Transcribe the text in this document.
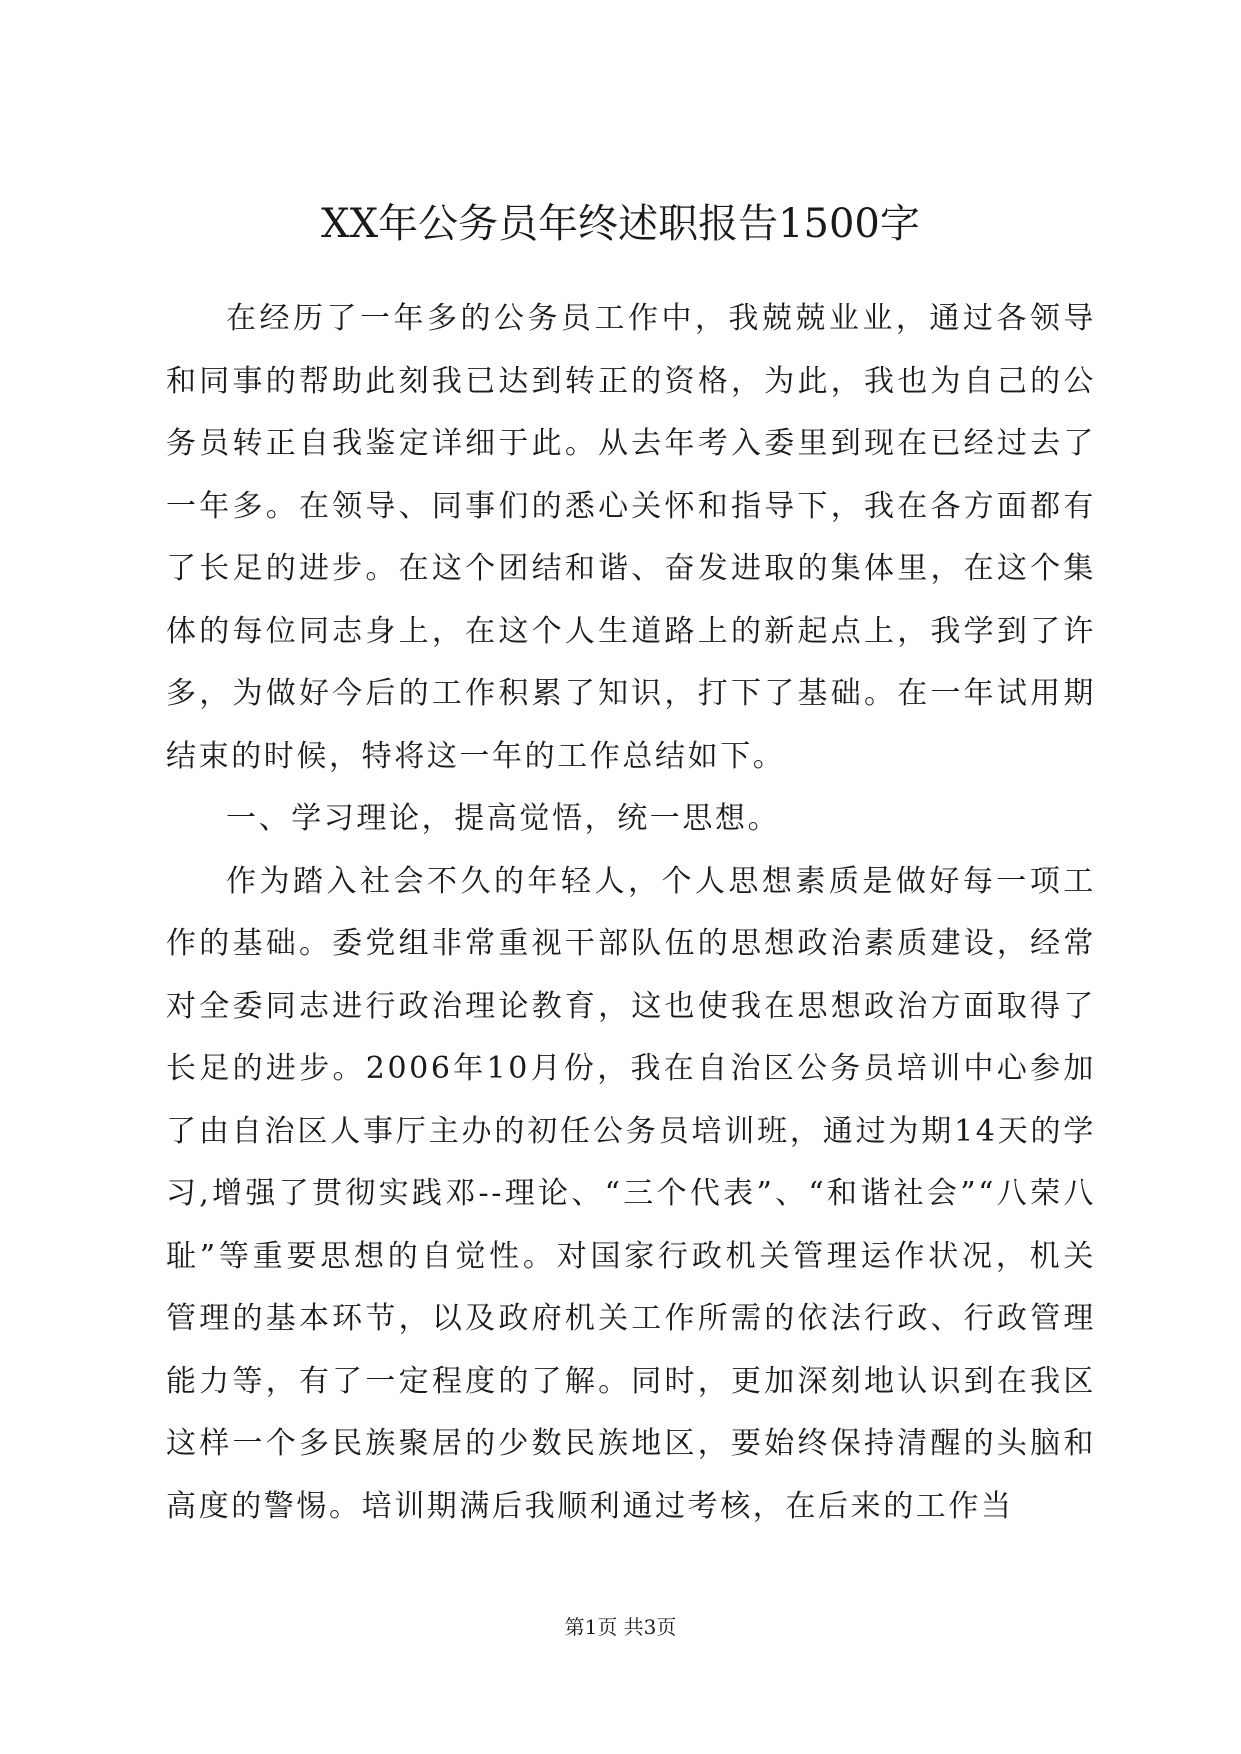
XX年公务员年终述职报告1500字

在经历了一年多的公务员工作中，我兢兢业业，通过各领导和同事的帮助此刻我已达到转正的资格，为此，我也为自己的公务员转正自我鉴定详细于此。从去年考入委里到现在已经过去了一年多。在领导、同事们的悉心关怀和指导下，我在各方面都有了长足的进步。在这个团结和谐、奋发进取的集体里，在这个集体的每位同志身上，在这个人生道路上的新起点上，我学到了许多，为做好今后的工作积累了知识，打下了基础。在一年试用期结束的时候，特将这一年的工作总结如下。

一、学习理论，提高觉悟，统一思想。

作为踏入社会不久的年轻人，个人思想素质是做好每一项工作的基础。委党组非常重视干部队伍的思想政治素质建设，经常对全委同志进行政治理论教育，这也使我在思想政治方面取得了长足的进步。2006年10月份，我在自治区公务员培训中心参加了由自治区人事厅主办的初任公务员培训班，通过为期14天的学习,增强了贯彻实践邓--理论、“三个代表”、“和谐社会”“八荣八耻”等重要思想的自觉性。对国家行政机关管理运作状况，机关管理的基本环节，以及政府机关工作所需的依法行政、行政管理能力等，有了一定程度的了解。同时，更加深刻地认识到在我区这样一个多民族聚居的少数民族地区，要始终保持清醒的头脑和高度的警惕。培训期满后我顺利通过考核，在后来的工作当

第1页 共3页
